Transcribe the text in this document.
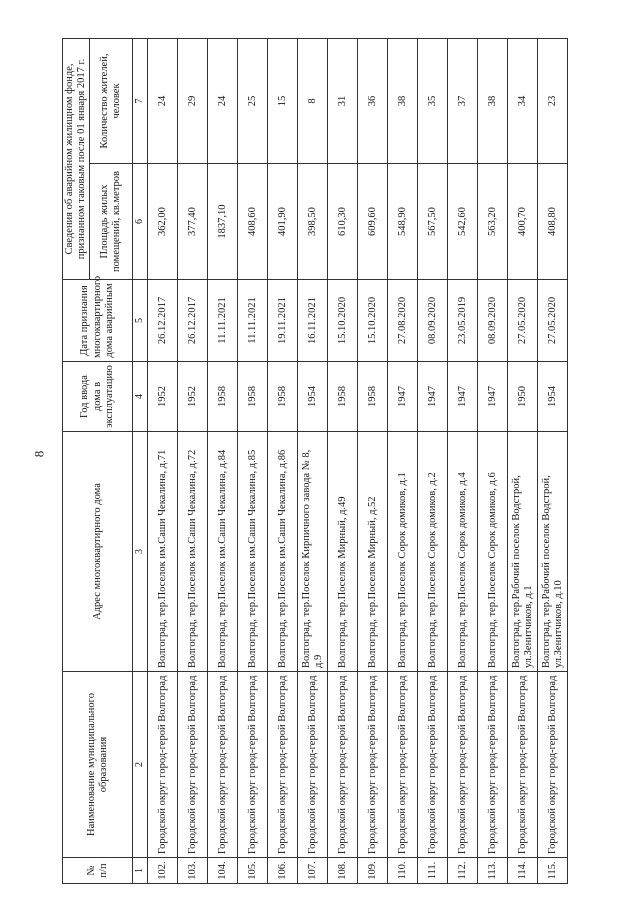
8
№ п/п	Наименование муниципального образования	Адрес многоквартирного дома	Год ввода дома в эксплуатацию	Дата признания многоквартирного дома аварийным	Сведения об аварийном жилищном фонде, признанном таковым после 01 января 2017 г.	
					Площадь жилых помещений, кв.метров	Количество жителей, человек
1	2	3	4	5	6	7
102.	Городской округ город-герой Волгоград	Волгоград, тер.Поселок им.Саши Чекалина, д.71	1952	26.12.2017	362,00	24
103.	Городской округ город-герой Волгоград	Волгоград, тер.Поселок им.Саши Чекалина, д.72	1952	26.12.2017	377,40	29
104.	Городской округ город-герой Волгоград	Волгоград, тер.Поселок им.Саши Чекалина, д.84	1958	11.11.2021	1837,10	24
105.	Городской округ город-герой Волгоград	Волгоград, тер.Поселок им.Саши Чекалина, д.85	1958	11.11.2021	408,60	25
106.	Городской округ город-герой Волгоград	Волгоград, тер.Поселок им.Саши Чекалина, д.86	1958	19.11.2021	401,90	15
107.	Городской округ город-герой Волгоград	Волгоград, тер.Поселок Кирпичного завода № 8, д.9	1954	16.11.2021	398,50	8
108.	Городской округ город-герой Волгоград	Волгоград, тер.Поселок Мирный, д.49	1958	15.10.2020	610,30	31
109.	Городской округ город-герой Волгоград	Волгоград, тер.Поселок Мирный, д.52	1958	15.10.2020	609,60	36
110.	Городской округ город-герой Волгоград	Волгоград, тер.Поселок Сорок домиков, д.1	1947	27.08.2020	548,90	38
111.	Городской округ город-герой Волгоград	Волгоград, тер.Поселок Сорок домиков, д.2	1947	08.09.2020	567,50	35
112.	Городской округ город-герой Волгоград	Волгоград, тер.Поселок Сорок домиков, д.4	1947	23.05.2019	542,60	37
113.	Городской округ город-герой Волгоград	Волгоград, тер.Поселок Сорок домиков, д.6	1947	08.09.2020	563,20	38
114.	Городской округ город-герой Волгоград	Волгоград, тер.Рабочий поселок Водстрой, ул.Зенитчиков, д.1	1950	27.05.2020	400,70	34
115.	Городской округ город-герой Волгоград	Волгоград, тер.Рабочий поселок Водстрой, ул.Зенитчиков, д.10	1954	27.05.2020	408,80	23
